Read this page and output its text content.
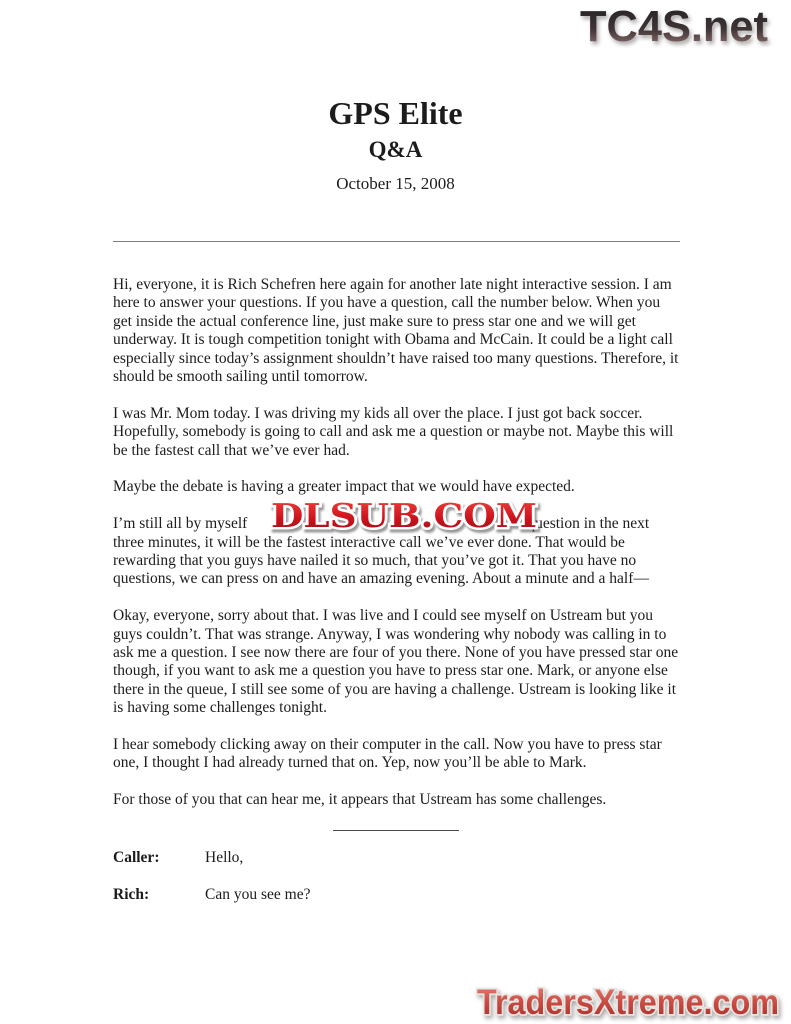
TC4S.net
GPS Elite
Q&A
October 15, 2008

Hi, everyone, it is Rich Schefren here again for another late night interactive session. I am here to answer your questions. If you have a question, call the number below. When you get inside the actual conference line, just make sure to press star one and we will get underway. It is tough competition tonight with Obama and McCain. It could be a light call especially since today’s assignment shouldn’t have raised too many questions. Therefore, it should be smooth sailing until tomorrow.

I was Mr. Mom today. I was driving my kids all over the place. I just got back soccer. Hopefully, somebody is going to call and ask me a question or maybe not. Maybe this will be the fastest call that we’ve ever had.

Maybe the debate is having a greater impact that we would have expected.

DLSUB.COM
I’m still all by myself	question in the next

three minutes, it will be the fastest interactive call we’ve ever done. That would be rewarding that you guys have nailed it so much, that you’ve got it. That you have no questions, we can press on and have an amazing evening. About a minute and a half—

Okay, everyone, sorry about that. I was live and I could see myself on Ustream but you guys couldn’t. That was strange. Anyway, I was wondering why nobody was calling in to ask me a question. I see now there are four of you there. None of you have pressed star one though, if you want to ask me a question you have to press star one. Mark, or anyone else there in the queue, I still see some of you are having a challenge. Ustream is looking like it is having some challenges tonight.

I hear somebody clicking away on their computer in the call. Now you have to press star one, I thought I had already turned that on. Yep, now you’ll be able to Mark.

For those of you that can hear me, it appears that Ustream has some challenges.

Caller:	Hello,
Rich:	Can you see me?
TradersXtreme.com
